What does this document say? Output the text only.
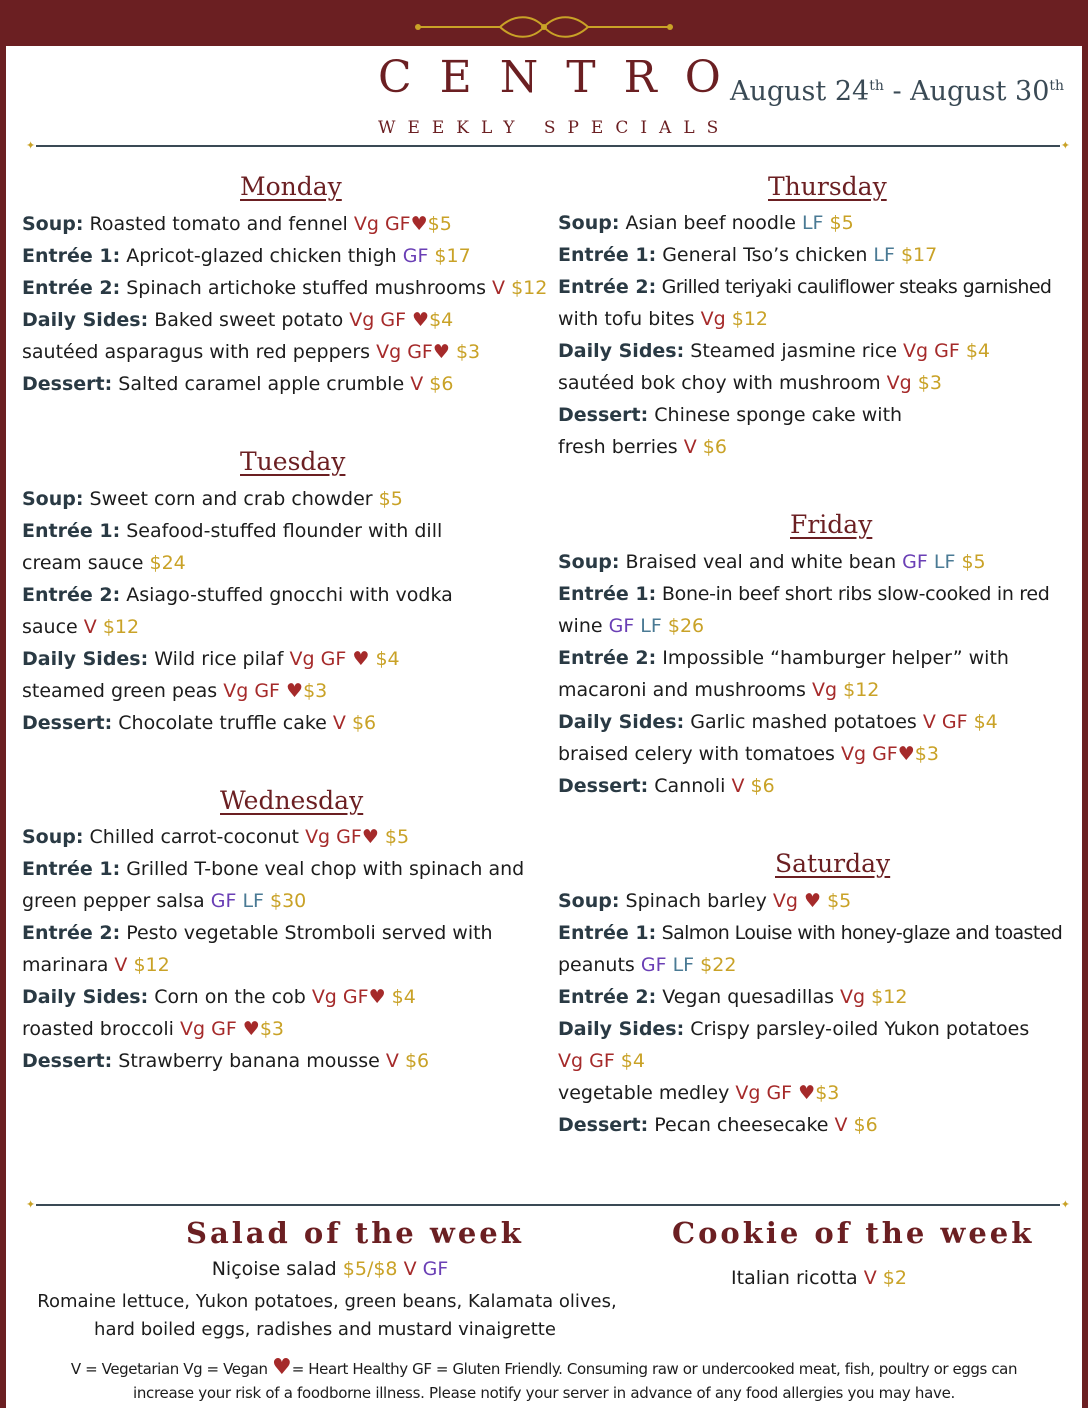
CENTRO
WEEKLY SPECIALS
August 24th - August 30th
✦	✦
Monday
Soup: Roasted tomato and fennel Vg GF♥$5
Entrée 1: Apricot-glazed chicken thigh GF $17
Entrée 2: Spinach artichoke stuffed mushrooms V $12
Daily Sides: Baked sweet potato Vg GF ♥$4
sautéed asparagus with red peppers Vg GF♥ $3
Dessert: Salted caramel apple crumble V $6
Tuesday
Soup: Sweet corn and crab chowder $5
Entrée 1: Seafood-stuffed flounder with dill
cream sauce $24
Entrée 2: Asiago-stuffed gnocchi with vodka
sauce V $12
Daily Sides: Wild rice pilaf Vg GF ♥ $4
steamed green peas Vg GF ♥$3
Dessert: Chocolate truffle cake V $6
Wednesday
Soup: Chilled carrot-coconut Vg GF♥ $5
Entrée 1: Grilled T-bone veal chop with spinach and
green pepper salsa GF LF $30
Entrée 2: Pesto vegetable Stromboli served with
marinara V $12
Daily Sides: Corn on the cob Vg GF♥ $4
roasted broccoli Vg GF ♥$3
Dessert: Strawberry banana mousse V $6
Thursday
Soup: Asian beef noodle LF $5
Entrée 1: General Tso’s chicken LF $17
Entrée 2: Grilled teriyaki cauliflower steaks garnished
with tofu bites Vg $12
Daily Sides: Steamed jasmine rice Vg GF $4
sautéed bok choy with mushroom Vg $3
Dessert: Chinese sponge cake with
fresh berries V $6
Friday
Soup: Braised veal and white bean GF LF $5
Entrée 1: Bone-in beef short ribs slow-cooked in red
wine GF LF $26
Entrée 2: Impossible “hamburger helper” with
macaroni and mushrooms Vg $12
Daily Sides: Garlic mashed potatoes V GF $4
braised celery with tomatoes Vg GF♥$3
Dessert: Cannoli V $6
Saturday
Soup: Spinach barley Vg ♥ $5
Entrée 1: Salmon Louise with honey-glaze and toasted
peanuts GF LF $22
Entrée 2: Vegan quesadillas Vg $12
Daily Sides: Crispy parsley-oiled Yukon potatoes
Vg GF $4
vegetable medley Vg GF ♥$3
Dessert: Pecan cheesecake V $6
✦	✦
Salad of the week
Niçoise salad $5/$8 V GF
Romaine lettuce, Yukon potatoes, green beans, Kalamata olives,
hard boiled eggs, radishes and mustard vinaigrette
Cookie of the week
Italian ricotta V $2
V = Vegetarian Vg = Vegan ♥= Heart Healthy GF = Gluten Friendly. Consuming raw or undercooked meat, fish, poultry or eggs can
increase your risk of a foodborne illness. Please notify your server in advance of any food allergies you may have.
